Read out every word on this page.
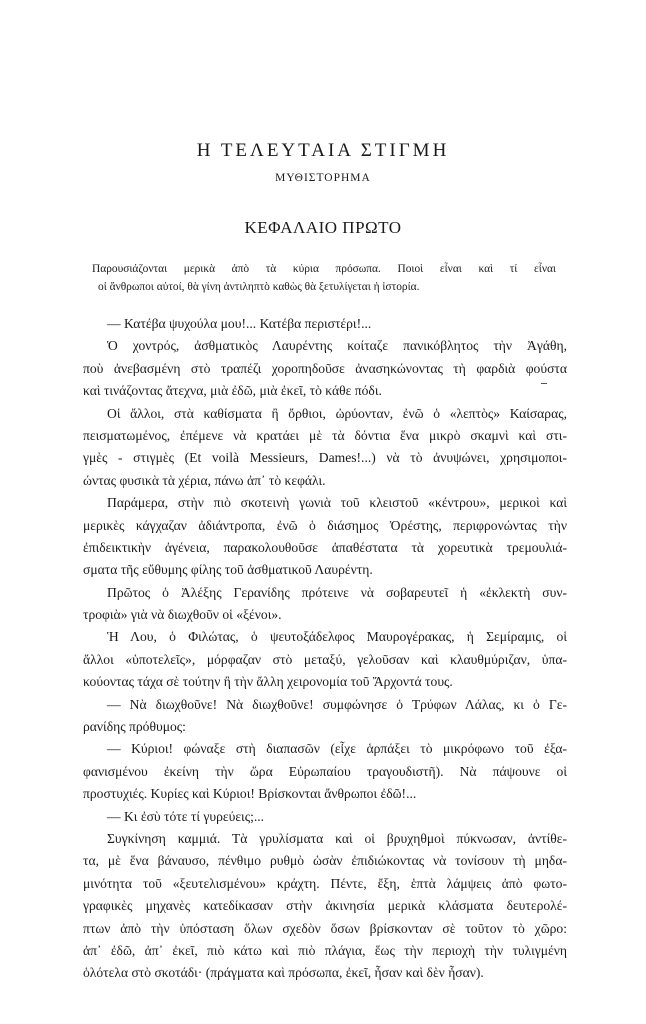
Η ΤΕΛΕΥΤΑΙΑ ΣΤΙΓΜΗ
ΜΥΘΙΣΤΟΡΗΜΑ
ΚΕΦΑΛΑΙΟ ΠΡΩΤΟ
Παρουσιάζονται μερικὰ ἀπὸ τὰ κύρια πρόσωπα. Ποιοὶ εἶναι καὶ τί εἶναι
οἱ ἄνθρωποι αὐτοί, θὰ γίνη ἀντιληπτὸ καθὼς θὰ ξετυλίγεται ἡ ἱστορία.
— Κατέβα ψυχούλα μου!... Κατέβα περιστέρι!...
Ὁ χοντρός, ἀσθματικὸς Λαυρέντης κοίταζε πανικόβλητος τὴν Ἀγάθη,
ποὺ ἀνεβασμένη στὸ τραπέζι χοροπηδοῦσε ἀνασηκώνοντας τὴ φαρδιὰ φούστα
καὶ τινάζοντας ἄτεχνα, μιὰ ἐδῶ, μιὰ ἐκεῖ, τὸ κάθε πόδι.
Οἱ ἄλλοι, στὰ καθίσματα ἢ ὄρθιοι, ὠρύονταν, ἐνῶ ὁ «λεπτὸς» Καίσαρας,
πεισματωμένος, ἐπέμενε νὰ κρατάει μὲ τὰ δόντια ἕνα μικρὸ σκαμνὶ καὶ στι-
γμὲς - στιγμὲς (Et voilà Messieurs, Dames!...) νὰ τὸ ἀνυψώνει, χρησιμοποι-
ώντας φυσικὰ τὰ χέρια, πάνω ἀπ᾽ τὸ κεφάλι.
Παράμερα, στὴν πιὸ σκοτεινὴ γωνιὰ τοῦ κλειστοῦ «κέντρου», μερικοὶ καὶ
μερικὲς κάγχαζαν ἀδιάντροπα, ἐνῶ ὁ διάσημος Ὀρέστης, περιφρονώντας τὴν
ἐπιδεικτικὴν ἀγένεια, παρακολουθοῦσε ἀπαθέστατα τὰ χορευτικὰ τρεμουλιά-
σματα τῆς εὔθυμης φίλης τοῦ ἀσθματικοῦ Λαυρέντη.
Πρῶτος ὁ Ἀλέξης Γερανίδης πρότεινε νὰ σοβαρευτεῖ ἡ «ἐκλεκτὴ συν-
τροφιὰ» γιὰ νὰ διωχθοῦν οἱ «ξένοι».
Ἡ Λου, ὁ Φιλώτας, ὁ ψευτοξάδελφος Μαυρογέρακας, ἡ Σεμίραμις, οἱ
ἄλλοι «ὑποτελεῖς», μόρφαζαν στὸ μεταξύ, γελοῦσαν καὶ κλαυθμύριζαν, ὑπα-
κούοντας τάχα σὲ τούτην ἢ τὴν ἄλλη χειρονομία τοῦ Ἄρχοντά τους.
— Νὰ διωχθοῦνε! Νὰ διωχθοῦνε! συμφώνησε ὁ Τρύφων Λάλας, κι ὁ Γε-
ρανίδης πρόθυμος:
— Κύριοι! φώναξε στὴ διαπασῶν (εἶχε ἁρπάξει τὸ μικρόφωνο τοῦ ἐξα-
φανισμένου ἐκείνη τὴν ὥρα Εὐρωπαίου τραγουδιστῆ). Νὰ πάψουνε οἱ
προστυχιές. Κυρίες καὶ Κύριοι! Βρίσκονται ἄνθρωποι ἐδῶ!...
— Κι ἐσὺ τότε τί γυρεύεις;...
Συγκίνηση καμμιά. Τὰ γρυλίσματα καὶ οἱ βρυχηθμοὶ πύκνωσαν, ἀντίθε-
τα, μὲ ἕνα βάναυσο, πένθιμο ρυθμὸ ὡσὰν ἐπιδιώκοντας νὰ τονίσουν τὴ μηδα-
μινότητα τοῦ «ξευτελισμένου» κράχτη. Πέντε, ἔξη, ἑπτὰ λάμψεις ἀπὸ φωτο-
γραφικὲς μηχανὲς κατεδίκασαν στὴν ἀκινησία μερικὰ κλάσματα δευτερολέ-
πτων ἀπὸ τὴν ὑπόσταση ὅλων σχεδὸν ὅσων βρίσκονταν σὲ τοῦτον τὸ χῶρο:
ἀπ᾽ ἐδῶ, ἀπ᾽ ἐκεῖ, πιὸ κάτω καὶ πιὸ πλάγια, ἕως τὴν περιοχὴ τὴν τυλιγμένη
ὁλότελα στὸ σκοτάδι· (πράγματα καὶ πρόσωπα, ἐκεῖ, ἦσαν καὶ δὲν ἦσαν).
